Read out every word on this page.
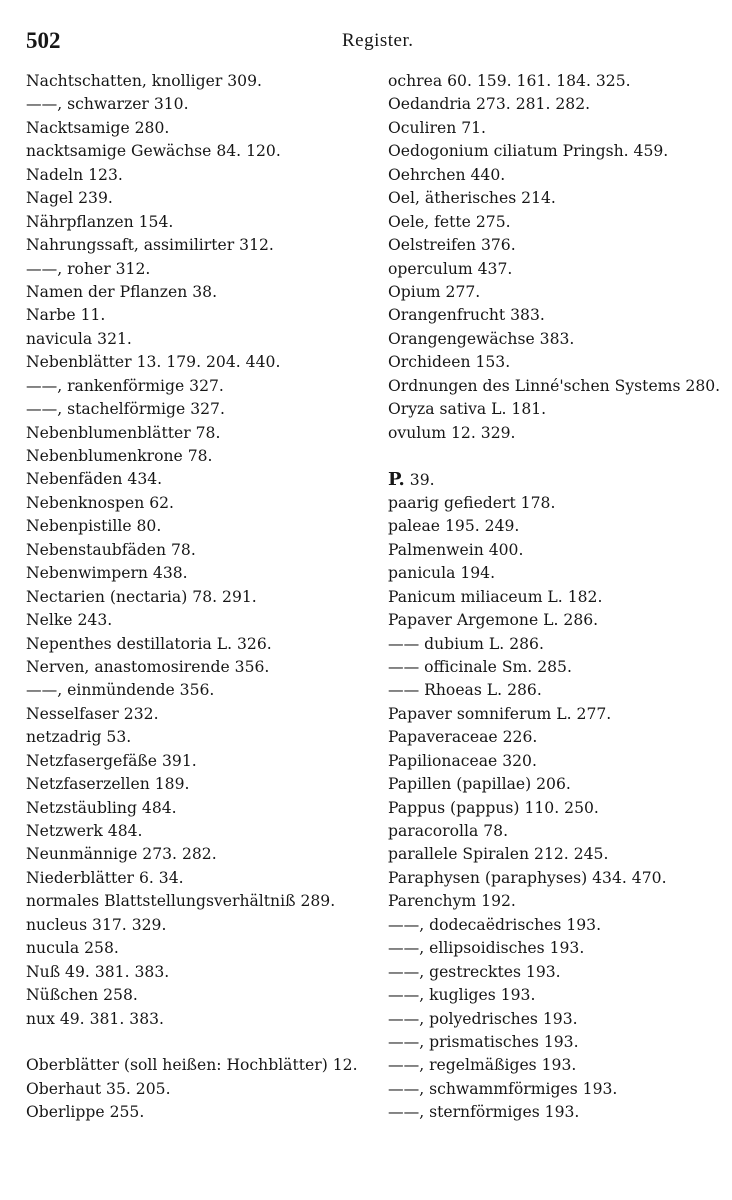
502	Register.
Nachtschatten, knolliger 309.
——, schwarzer 310.
Nacktsamige 280.
nacktsamige Gewächse 84. 120.
Nadeln 123.
Nagel 239.
Nährpflanzen 154.
Nahrungssaft, assimilirter 312.
——, roher 312.
Namen der Pflanzen 38.
Narbe 11.
navicula 321.
Nebenblätter 13. 179. 204. 440.
——, rankenförmige 327.
——, stachelförmige 327.
Nebenblumenblätter 78.
Nebenblumenkrone 78.
Nebenfäden 434.
Nebenknospen 62.
Nebenpistille 80.
Nebenstaubfäden 78.
Nebenwimpern 438.
Nectarien (nectaria) 78. 291.
Nelke 243.
Nepenthes destillatoria L. 326.
Nerven, anastomosirende 356.
——, einmündende 356.
Nesselfaser 232.
netzadrig 53.
Netzfasergefäße 391.
Netzfaserzellen 189.
Netzstäubling 484.
Netzwerk 484.
Neunmännige 273. 282.
Niederblätter 6. 34.
normales Blattstellungsverhältniß 289.
nucleus 317. 329.
nucula 258.
Nuß 49. 381. 383.
Nüßchen 258.
nux 49. 381. 383.
Oberblätter (soll heißen: Hochblätter) 12.
Oberhaut 35. 205.
Oberlippe 255.
ochrea 60. 159. 161. 184. 325.
Oedandria 273. 281. 282.
Oculiren 71.
Oedogonium ciliatum Pringsh. 459.
Oehrchen 440.
Oel, ätherisches 214.
Oele, fette 275.
Oelstreifen 376.
operculum 437.
Opium 277.
Orangenfrucht 383.
Orangengewächse 383.
Orchideen 153.
Ordnungen des Linné'schen Systems 280.
Oryza sativa L. 181.
ovulum 12. 329.
P. 39.
paarig gefiedert 178.
paleae 195. 249.
Palmenwein 400.
panicula 194.
Panicum miliaceum L. 182.
Papaver Argemone L. 286.
—— dubium L. 286.
—— officinale Sm. 285.
—— Rhoeas L. 286.
Papaver somniferum L. 277.
Papaveraceae 226.
Papilionaceae 320.
Papillen (papillae) 206.
Pappus (pappus) 110. 250.
paracorolla 78.
parallele Spiralen 212. 245.
Paraphysen (paraphyses) 434. 470.
Parenchym 192.
——, dodecaëdrisches 193.
——, ellipsoidisches 193.
——, gestrecktes 193.
——, kugliges 193.
——, polyedrisches 193.
——, prismatisches 193.
——, regelmäßiges 193.
——, schwammförmiges 193.
——, sternförmiges 193.
